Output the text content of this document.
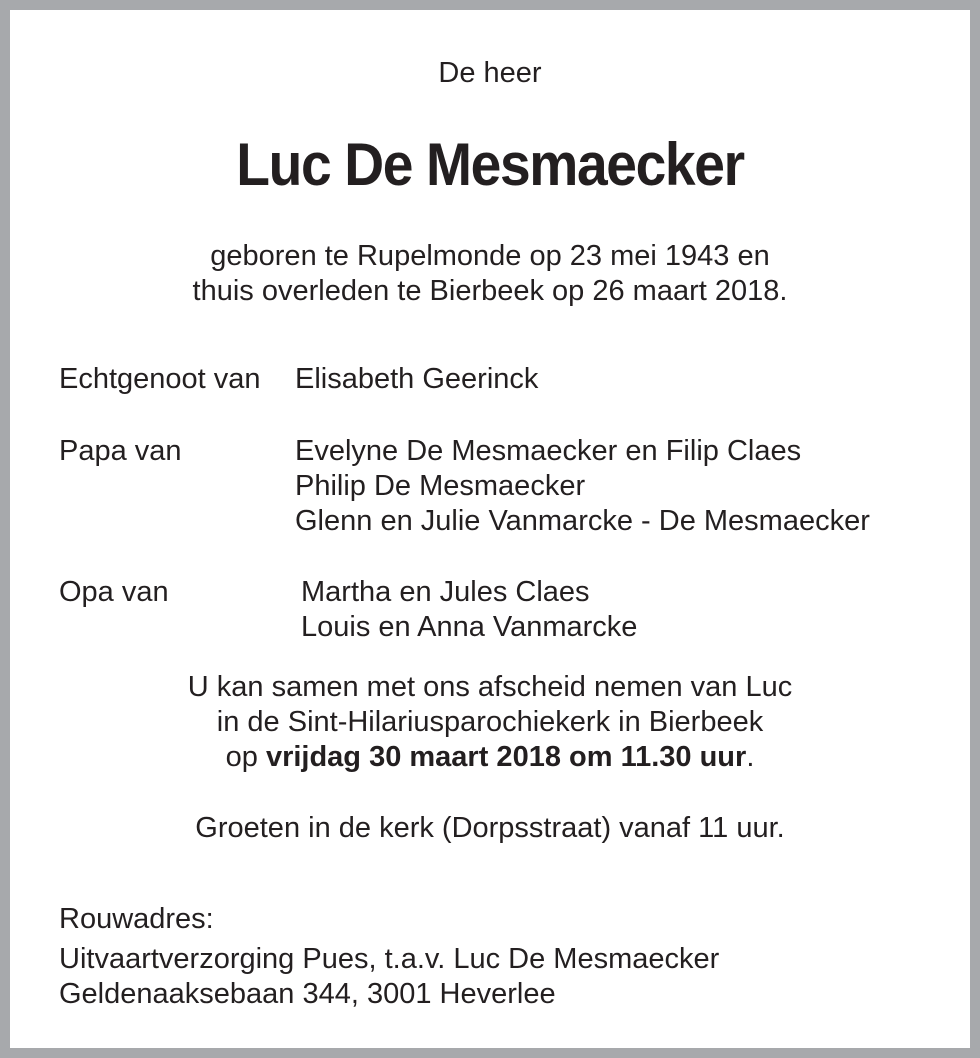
De heer
Luc De Mesmaecker
geboren te Rupelmonde op 23 mei 1943 en
thuis overleden te Bierbeek op 26 maart 2018.
Echtgenoot van Elisabeth Geerinck
Papa van	Evelyne De Mesmaecker en Filip Claes
Philip De Mesmaecker
Glenn en Julie Vanmarcke - De Mesmaecker
Opa van	Martha en Jules Claes
Louis en Anna Vanmarcke
U kan samen met ons afscheid nemen van Luc
in de Sint-Hilariusparochiekerk in Bierbeek
op vrijdag 30 maart 2018 om 11.30 uur.
Groeten in de kerk (Dorpsstraat) vanaf 11 uur.
Rouwadres:
Uitvaartverzorging Pues, t.a.v. Luc De Mesmaecker
Geldenaaksebaan 344, 3001 Heverlee
